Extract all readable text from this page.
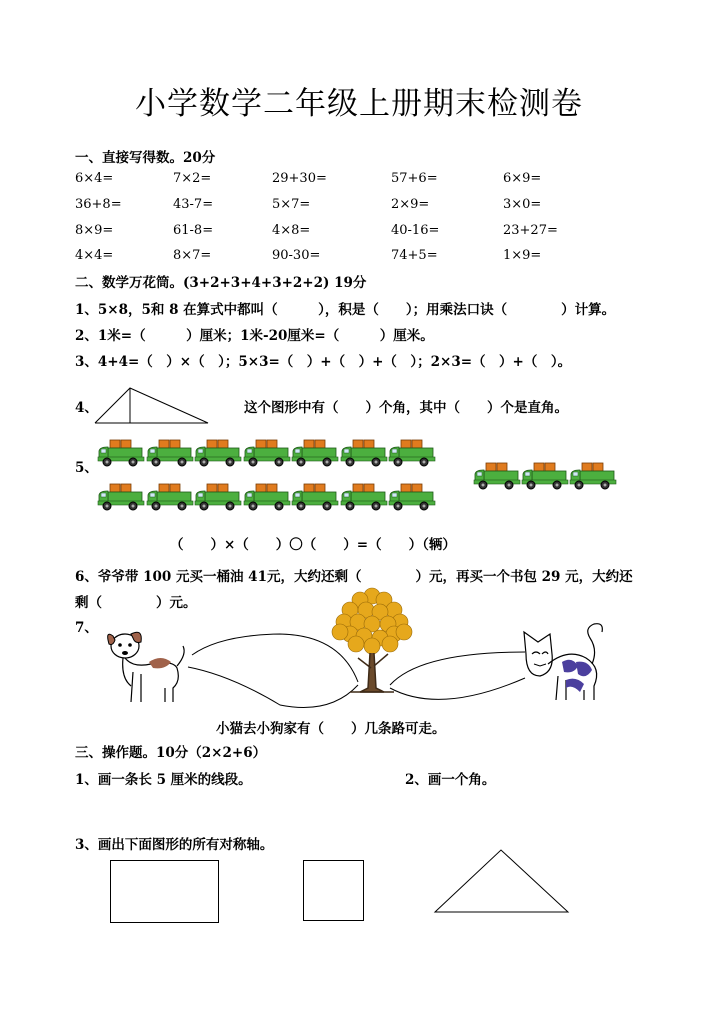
小学数学二年级上册期末检测卷
一、直接写得数。20分
6×4=	7×2=	29+30=	57+6=	6×9=
36+8=	43-7=	5×7=	2×9=	3×0=
8×9=	61-8=	4×8=	40-16=	23+27=
4×4=	8×7=	90-30=	74+5=	1×9=
二、数学万花筒。(3+2+3+4+3+2+2) 19分
1、5×8，5和 8 在算式中都叫（　　　），积是（　　）；用乘法口诀（　　　　）计算。
2、1米=（　　　）厘米；1米-20厘米=（　　　）厘米。
3、4+4=（　）×（　）；5×3=（　）+（　）+（　）；2×3=（　）+（　）。
4、	这个图形中有（　　）个角，其中（　　）个是直角。
5、
（　　）×（　　）〇（　　）=（　　）（辆）
6、爷爷带 100 元买一桶油 41元，大约还剩（　　　　）元，再买一个书包 29 元，大约还
剩（　　　　）元。
7、
小猫去小狗家有（　　）几条路可走。
三、操作题。10分（2×2+6）
1、画一条长 5 厘米的线段。	2、画一个角。
3、画出下面图形的所有对称轴。
